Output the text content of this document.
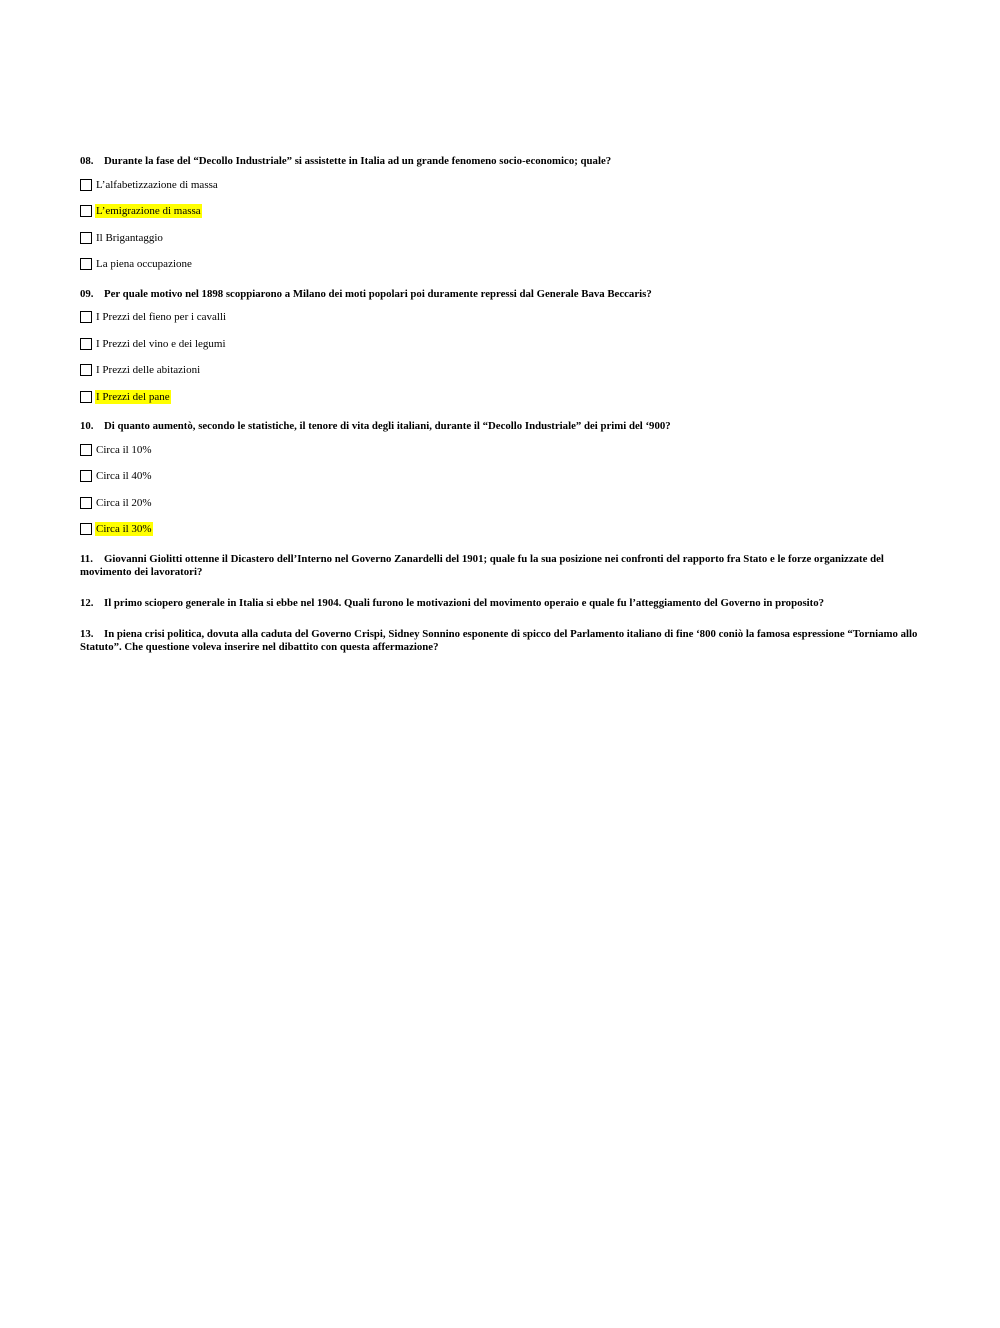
08. Durante la fase del “Decollo Industriale” si assistette in Italia ad un grande fenomeno socio-economico; quale?

L’alfabetizzazione di massa
L’emigrazione di massa
Il Brigantaggio
La piena occupazione

09. Per quale motivo nel 1898 scoppiarono a Milano dei moti popolari poi duramente repressi dal Generale Bava Beccaris?

I Prezzi del fieno per i cavalli
I Prezzi del vino e dei legumi
I Prezzi delle abitazioni
I Prezzi del pane

10. Di quanto aumentò, secondo le statistiche, il tenore di vita degli italiani, durante il “Decollo Industriale” dei primi del ‘900?

Circa il 10%
Circa il 40%
Circa il 20%
Circa il 30%

11. Giovanni Giolitti ottenne il Dicastero dell’Interno nel Governo Zanardelli del 1901; quale fu la sua posizione nei confronti del rapporto fra Stato e le forze organizzate del movimento dei lavoratori?

12. Il primo sciopero generale in Italia si ebbe nel 1904. Quali furono le motivazioni del movimento operaio e quale fu l’atteggiamento del Governo in proposito?

13. In piena crisi politica, dovuta alla caduta del Governo Crispi, Sidney Sonnino esponente di spicco del Parlamento italiano di fine ‘800 coniò la famosa espressione “Torniamo allo Statuto”. Che questione voleva inserire nel dibattito con questa affermazione?
